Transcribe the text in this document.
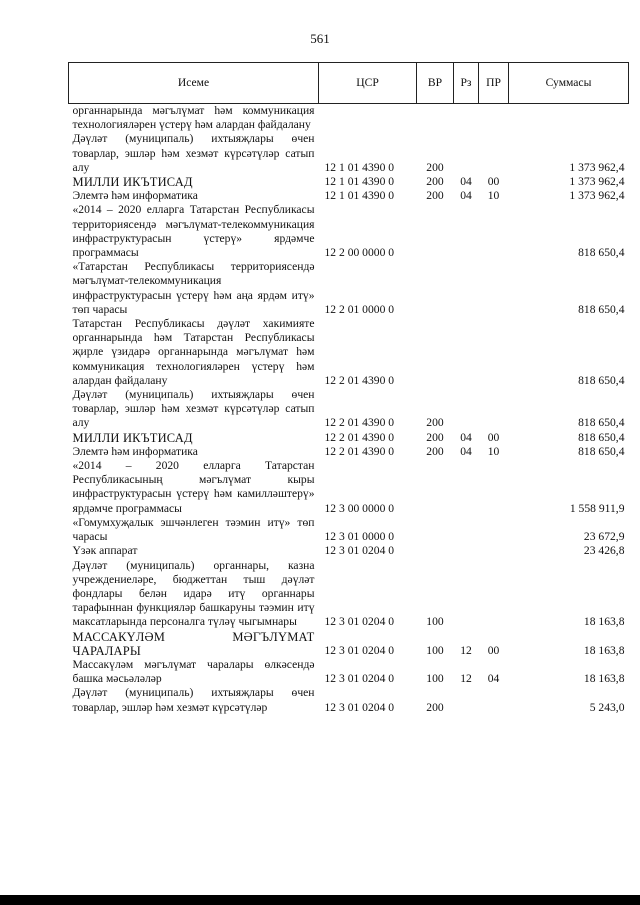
561
Исеме	ЦСР	ВР	Рз	ПР	Суммасы
органнарында мәгълүмат һәм коммуникация технологияләрен үстерү һәм алардан файдалану					
Дәүләт (муниципаль) ихтыяҗлары өчен товарлар, эшләр һәм хезмәт күрсәтүләр сатып алу	12 1 01 4390 0	200			1 373 962,4
МИЛЛИ ИКЪТИСАД	12 1 01 4390 0	200	04	00	1 373 962,4
Элемтә һәм информатика	12 1 01 4390 0	200	04	10	1 373 962,4
«2014 – 2020 елларга Татарстан Республикасы территориясендә мәгълүмат-телекоммуникация инфраструктурасын үстерү» ярдәмче программасы	12 2 00 0000 0				818 650,4
«Татарстан Республикасы территориясендә мәгълүмат-телекоммуникация инфраструктурасын үстерү һәм аңа ярдәм итү» төп чарасы	12 2 01 0000 0				818 650,4
Татарстан Республикасы дәүләт хакимияте органнарында һәм Татарстан Республикасы җирле үзидарә органнарында мәгълүмат һәм коммуникация технологияләрен үстерү һәм алардан файдалану	12 2 01 4390 0				818 650,4
Дәүләт (муниципаль) ихтыяҗлары өчен товарлар, эшләр һәм хезмәт күрсәтүләр сатып алу	12 2 01 4390 0	200			818 650,4
МИЛЛИ ИКЪТИСАД	12 2 01 4390 0	200	04	00	818 650,4
Элемтә һәм информатика	12 2 01 4390 0	200	04	10	818 650,4
«2014 – 2020 елларга Татарстан Республикасының мәгълүмат кыры инфраструктурасын үстерү һәм камилләштерү» ярдәмче программасы	12 3 00 0000 0				1 558 911,9
«Гомумхуҗалык эшчәнлеген тәэмин итү» төп чарасы	12 3 01 0000 0				23 672,9
Үзәк аппарат	12 3 01 0204 0				23 426,8
Дәүләт (муниципаль) органнары, казна учреждениеләре, бюджеттан тыш дәүләт фондлары белән идарә итү органнары тарафыннан функцияләр башкаруны тәэмин итү максатларында персоналга түләү чыгымнары	12 3 01 0204 0	100			18 163,8
МАССАКҮЛӘМ МӘГЪЛҮМАТ ЧАРАЛАРЫ	12 3 01 0204 0	100	12	00	18 163,8
Массакүләм мәгълүмат чаралары өлкәсендә башка мәсьәләләр	12 3 01 0204 0	100	12	04	18 163,8
Дәүләт (муниципаль) ихтыяҗлары өчен товарлар, эшләр һәм хезмәт күрсәтүләр	12 3 01 0204 0	200			5 243,0
